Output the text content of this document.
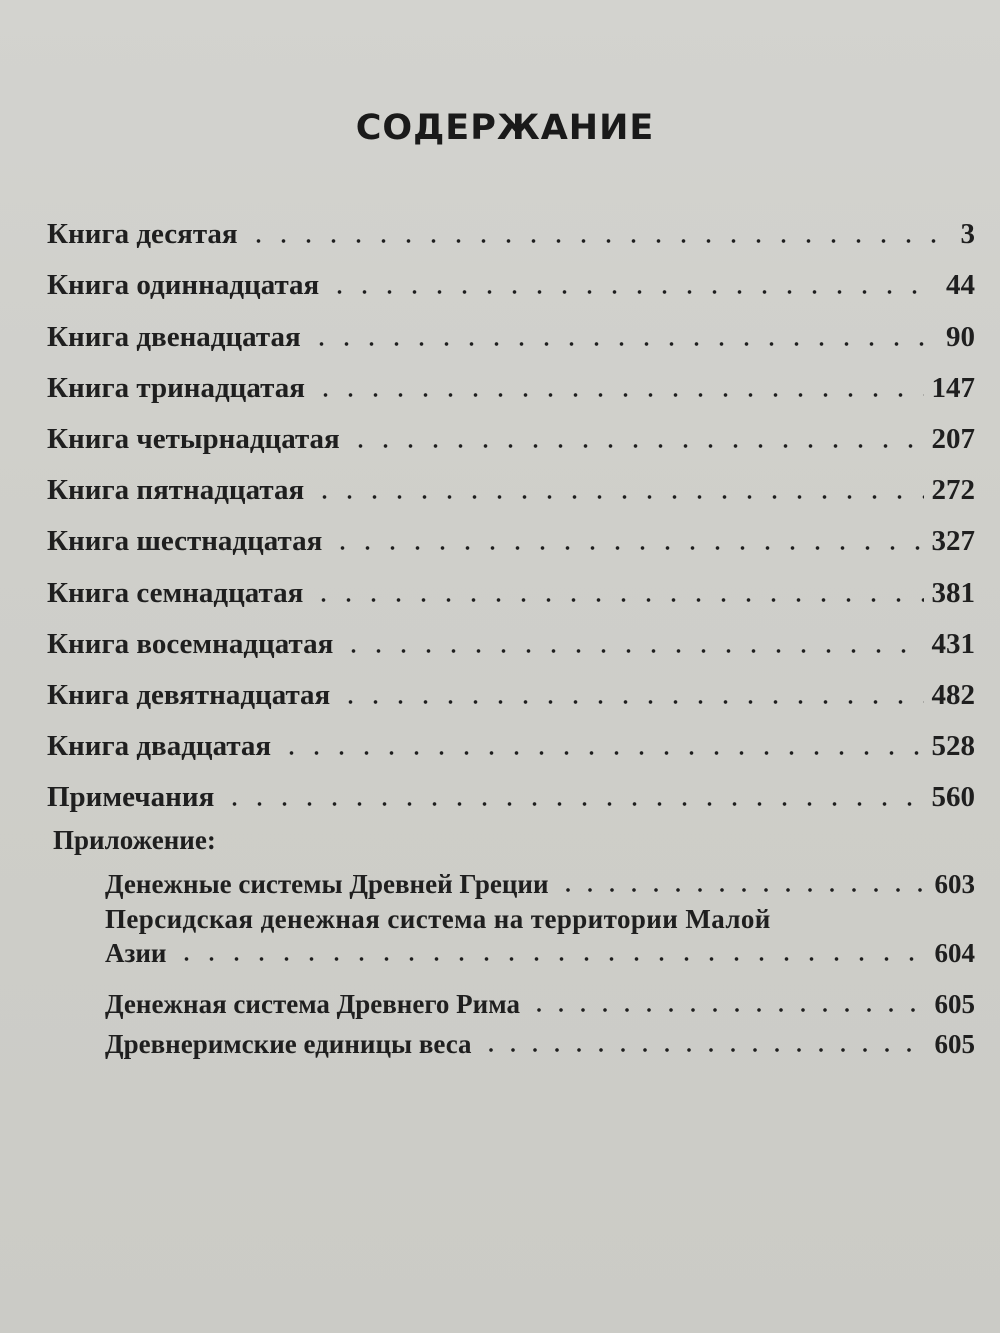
СОДЕРЖАНИЕ
Книга десятая	3
Книга одиннадцатая	44
Книга двенадцатая	90
Книга тринадцатая	147
Книга четырнадцатая	207
Книга пятнадцатая	272
Книга шестнадцатая	327
Книга семнадцатая	381
Книга восемнадцатая	431
Книга девятнадцатая	482
Книга двадцатая	528
Примечания	560
Приложение:
Денежные системы Древней Греции	603
Персидская денежная система на территории Малой
Азии	604
Денежная система Древнего Рима	605
Древнеримские единицы веса	605
